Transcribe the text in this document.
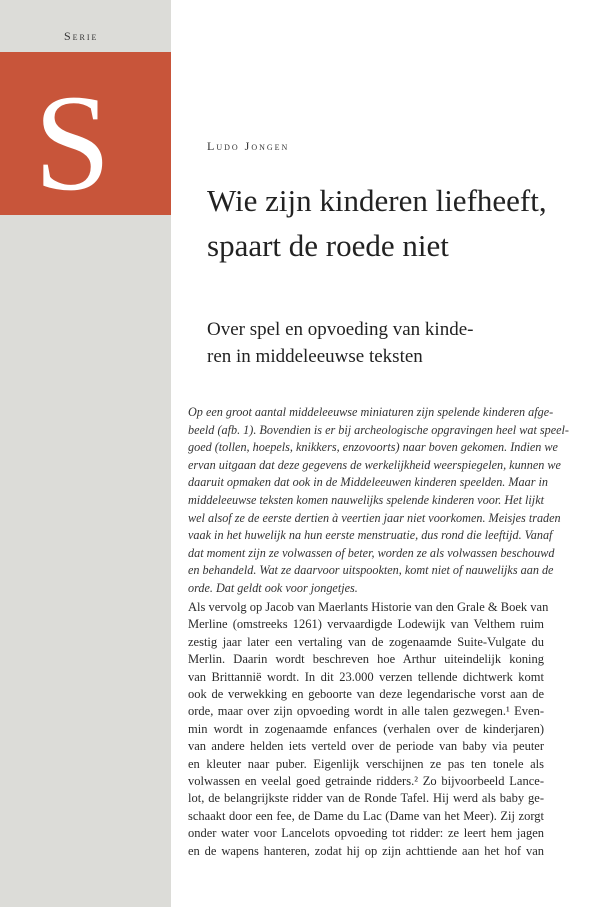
Serie
S	Ludo Jongen
Wie zijn kinderen liefheeft, spaart de roede niet
Over spel en opvoeding van kinde-
ren in middeleeuwse teksten
Op een groot aantal middeleeuwse miniaturen zijn spelende kinderen afge-
beeld (afb. 1). Bovendien is er bij archeologische opgravingen heel wat speel-
goed (tollen, hoepels, knikkers, enzovoorts) naar boven gekomen. Indien we
ervan uitgaan dat deze gegevens de werkelijkheid weerspiegelen, kunnen we
daaruit opmaken dat ook in de Middeleeuwen kinderen speelden. Maar in
middeleeuwse teksten komen nauwelijks spelende kinderen voor. Het lijkt
wel alsof ze de eerste dertien à veertien jaar niet voorkomen. Meisjes traden
vaak in het huwelijk na hun eerste menstruatie, dus rond die leeftijd. Vanaf
dat moment zijn ze volwassen of beter, worden ze als volwassen beschouwd
en behandeld. Wat ze daarvoor uitspookten, komt niet of nauwelijks aan de
orde. Dat geldt ook voor jongetjes.
Als vervolg op Jacob van Maerlants Historie van den Grale & Boek van
Merline (omstreeks 1261) vervaardigde Lodewijk van Velthem ruim
zestig jaar later een vertaling van de zogenaamde Suite-Vulgate du
Merlin. Daarin wordt beschreven hoe Arthur uiteindelijk koning
van Brittannië wordt. In dit 23.000 verzen tellende dichtwerk komt
ook de verwekking en geboorte van deze legendarische vorst aan de
orde, maar over zijn opvoeding wordt in alle talen gezwegen.¹ Even-
min wordt in zogenaamde enfances (verhalen over de kinderjaren)
van andere helden iets verteld over de periode van baby via peuter
en kleuter naar puber. Eigenlijk verschijnen ze pas ten tonele als
volwassen en veelal goed getrainde ridders.² Zo bijvoorbeeld Lance-
lot, de belangrijkste ridder van de Ronde Tafel. Hij werd als baby ge-
schaakt door een fee, de Dame du Lac (Dame van het Meer). Zij zorgt
onder water voor Lancelots opvoeding tot ridder: ze leert hem jagen
en de wapens hanteren, zodat hij op zijn achttiende aan het hof van
